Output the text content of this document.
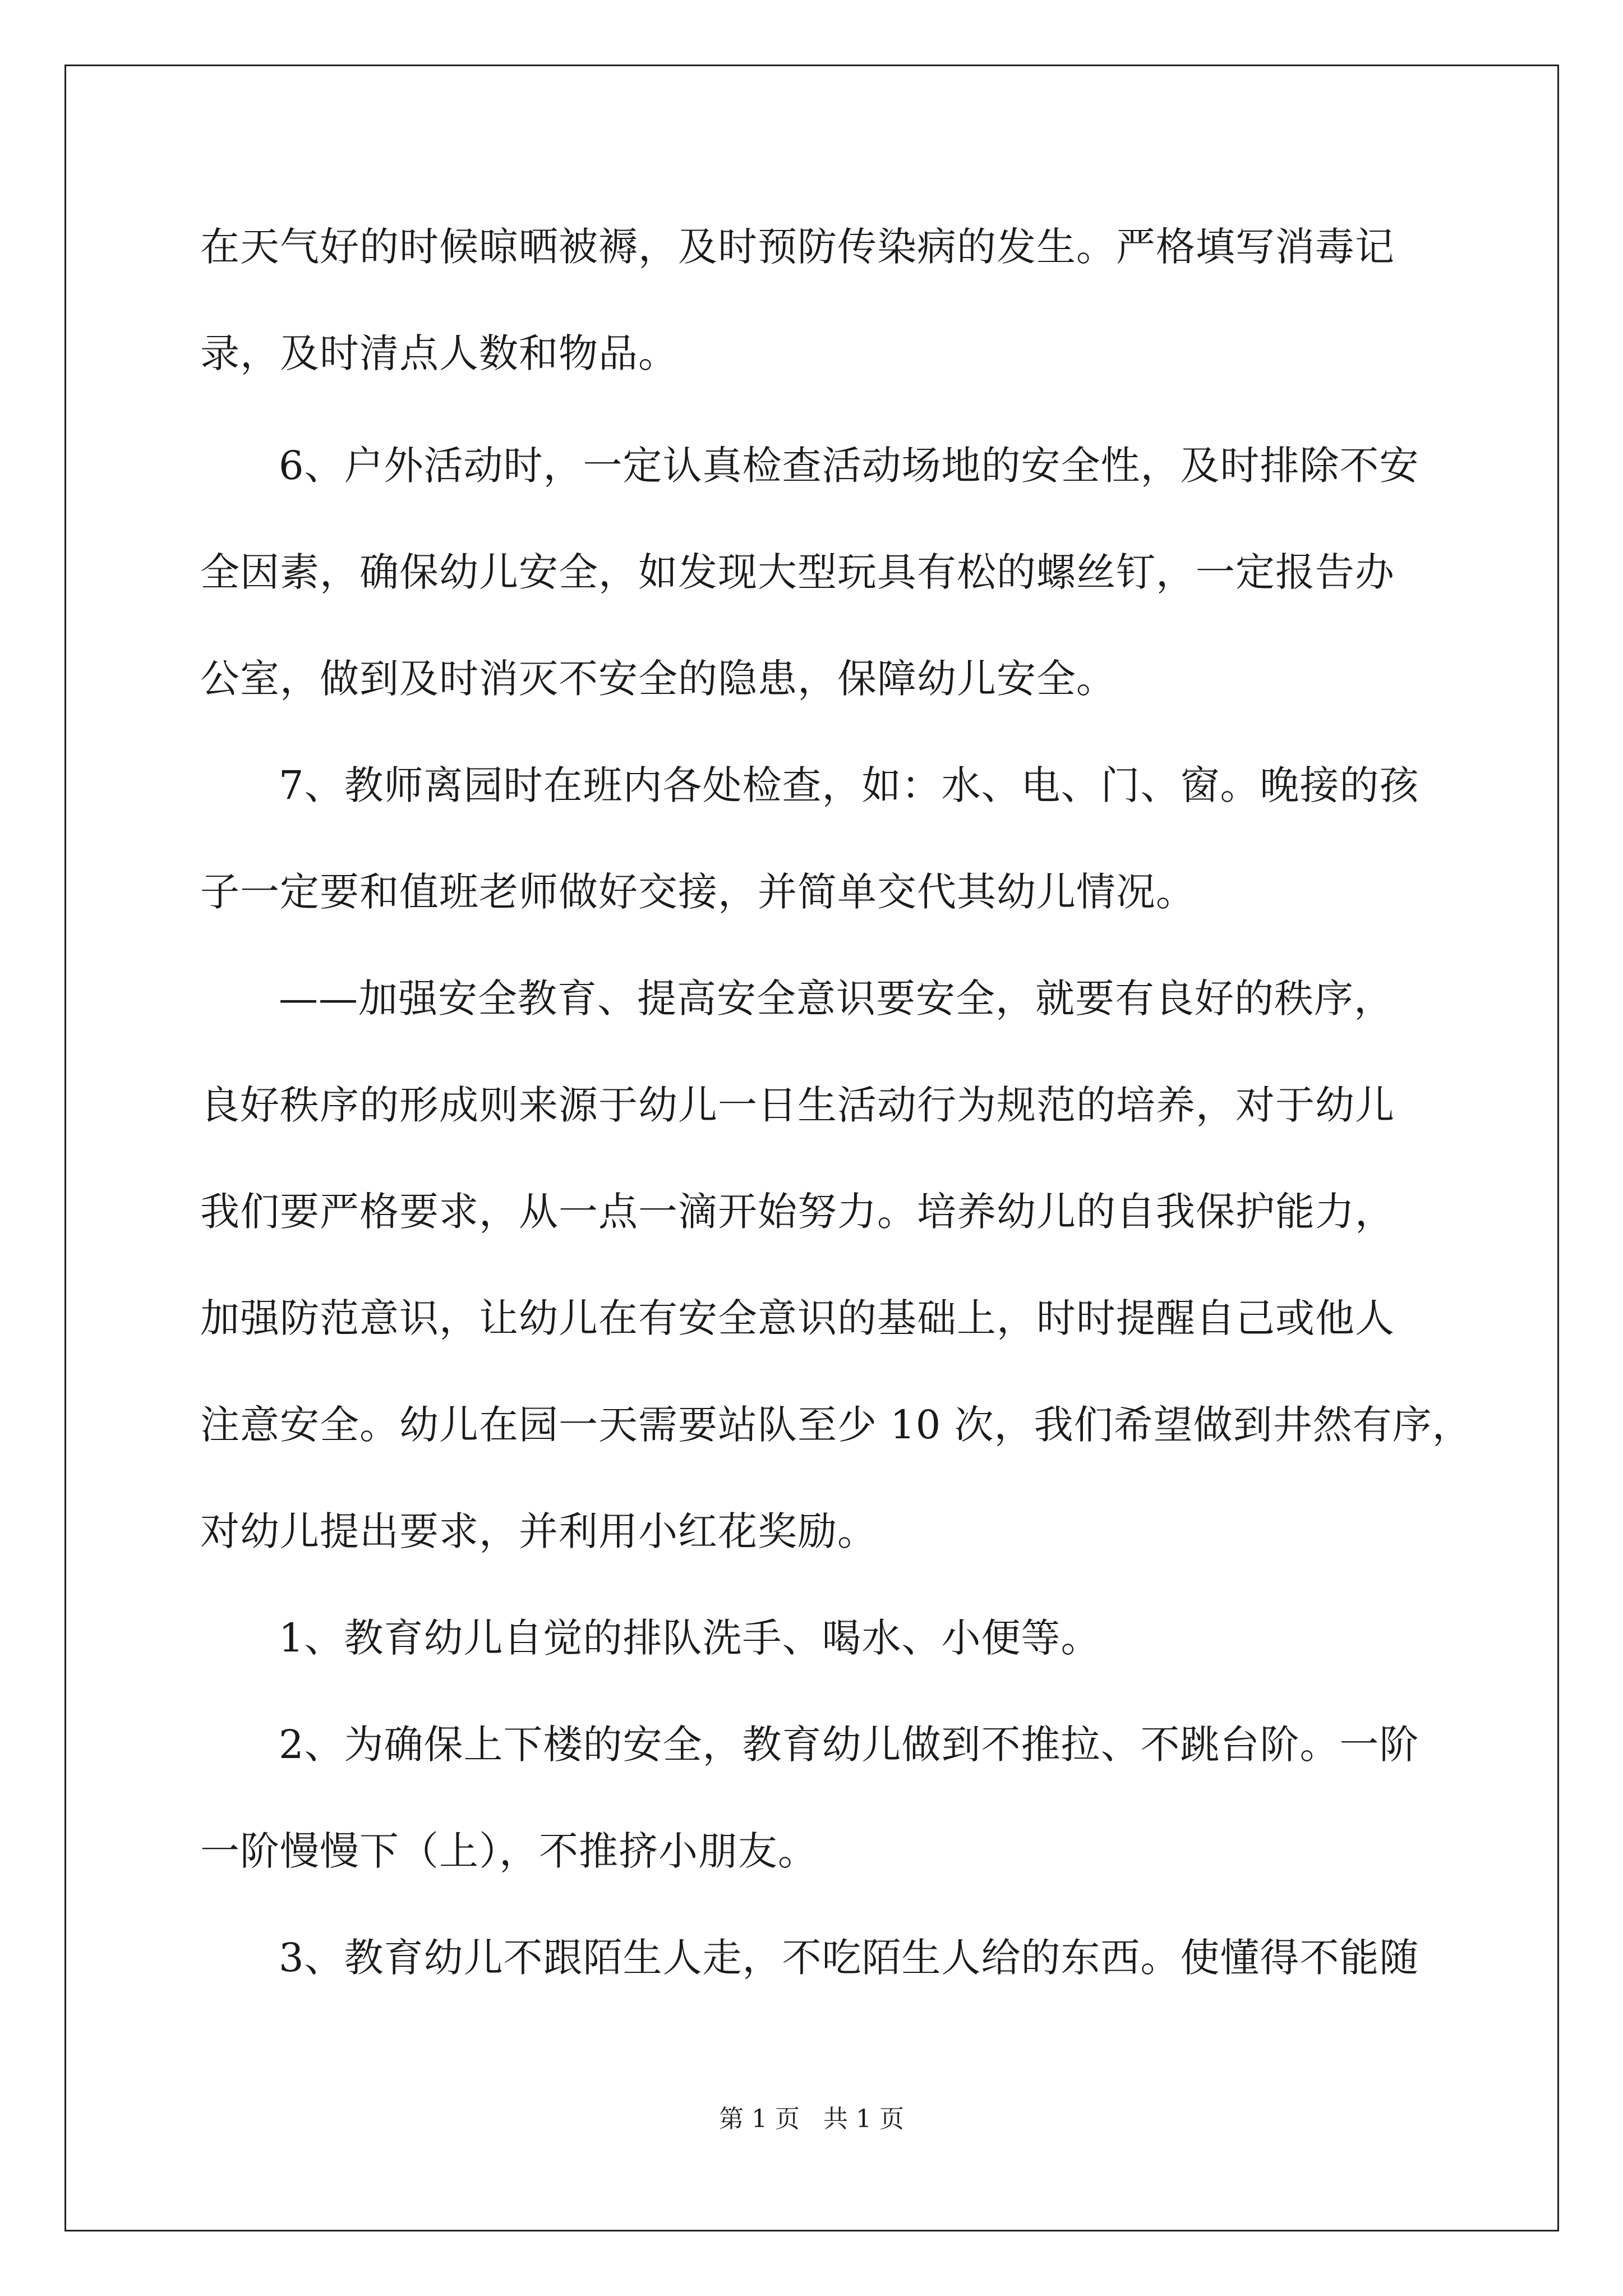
在天气好的时候晾晒被褥，及时预防传染病的发生。严格填写消毒记
录，及时清点人数和物品。
6、户外活动时，一定认真检查活动场地的安全性，及时排除不安
全因素，确保幼儿安全，如发现大型玩具有松的螺丝钉，一定报告办
公室，做到及时消灭不安全的隐患，保障幼儿安全。
7、教师离园时在班内各处检查，如：水、电、门、窗。晚接的孩
子一定要和值班老师做好交接，并简单交代其幼儿情况。
——加强安全教育、提高安全意识要安全，就要有良好的秩序，
良好秩序的形成则来源于幼儿一日生活动行为规范的培养，对于幼儿
我们要严格要求，从一点一滴开始努力。培养幼儿的自我保护能力，
加强防范意识，让幼儿在有安全意识的基础上，时时提醒自己或他人
注意安全。幼儿在园一天需要站队至少 10 次，我们希望做到井然有序，
对幼儿提出要求，并利用小红花奖励。
1、教育幼儿自觉的排队洗手、喝水、小便等。
2、为确保上下楼的安全，教育幼儿做到不推拉、不跳台阶。一阶
一阶慢慢下（上），不推挤小朋友。
3、教育幼儿不跟陌生人走，不吃陌生人给的东西。使懂得不能随
第 1 页   共 1 页
